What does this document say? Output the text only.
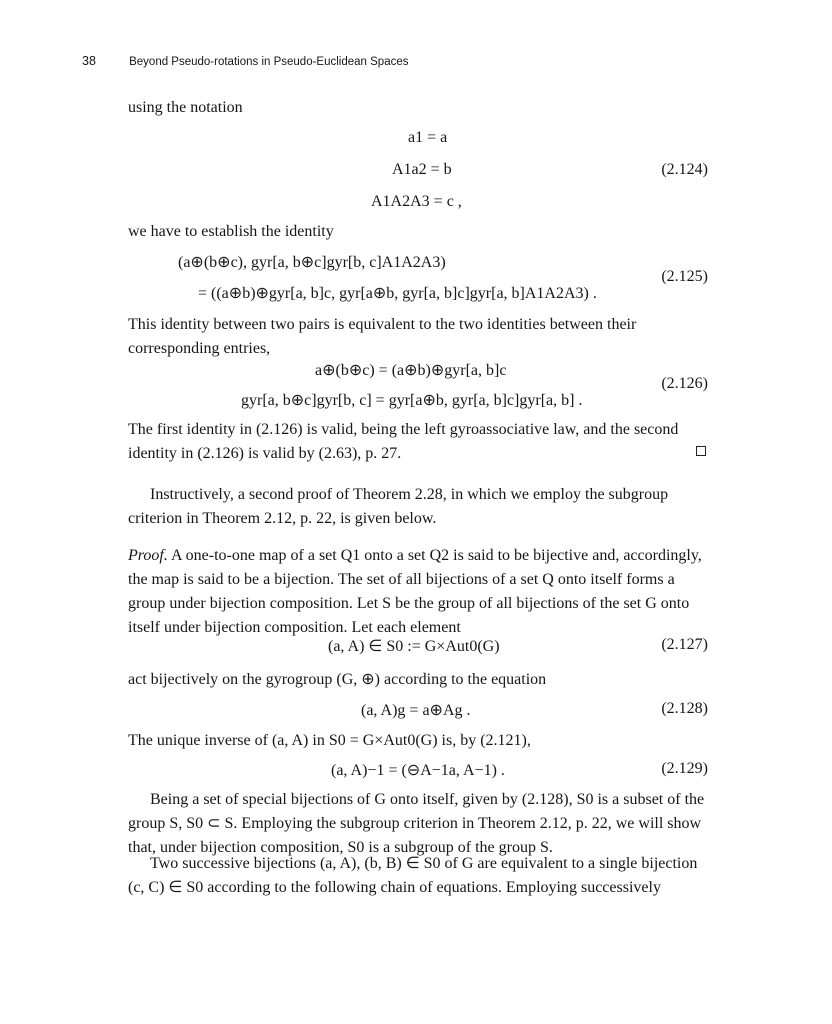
38	Beyond Pseudo-rotations in Pseudo-Euclidean Spaces
using the notation
a1 = a
A1a2 = b	(2.124)
A1A2A3 = c ,
we have to establish the identity
(a⊕(b⊕c), gyr[a, b⊕c]gyr[b, c]A1A2A3)
(2.125)
= ((a⊕b)⊕gyr[a, b]c, gyr[a⊕b, gyr[a, b]c]gyr[a, b]A1A2A3) .
This identity between two pairs is equivalent to the two identities between their corresponding entries,
a⊕(b⊕c) = (a⊕b)⊕gyr[a, b]c
(2.126)
gyr[a, b⊕c]gyr[b, c] = gyr[a⊕b, gyr[a, b]c]gyr[a, b] .
The first identity in (2.126) is valid, being the left gyroassociative law, and the second identity in (2.126) is valid by (2.63), p. 27.
Instructively, a second proof of Theorem 2.28, in which we employ the subgroup criterion in Theorem 2.12, p. 22, is given below.
Proof. A one-to-one map of a set Q1 onto a set Q2 is said to be bijective and, accordingly, the map is said to be a bijection. The set of all bijections of a set Q onto itself forms a group under bijection composition. Let S be the group of all bijections of the set G onto itself under bijection composition. Let each element
(a, A) ∈ S0 := G×Aut0(G)	(2.127)
act bijectively on the gyrogroup (G, ⊕) according to the equation
(a, A)g = a⊕Ag .	(2.128)
The unique inverse of (a, A) in S0 = G×Aut0(G) is, by (2.121),
(a, A)−1 = (⊖A−1a, A−1) .	(2.129)
Being a set of special bijections of G onto itself, given by (2.128), S0 is a subset of the group S, S0 ⊂ S. Employing the subgroup criterion in Theorem 2.12, p. 22, we will show that, under bijection composition, S0 is a subgroup of the group S.
Two successive bijections (a, A), (b, B) ∈ S0 of G are equivalent to a single bijection (c, C) ∈ S0 according to the following chain of equations. Employing successively
